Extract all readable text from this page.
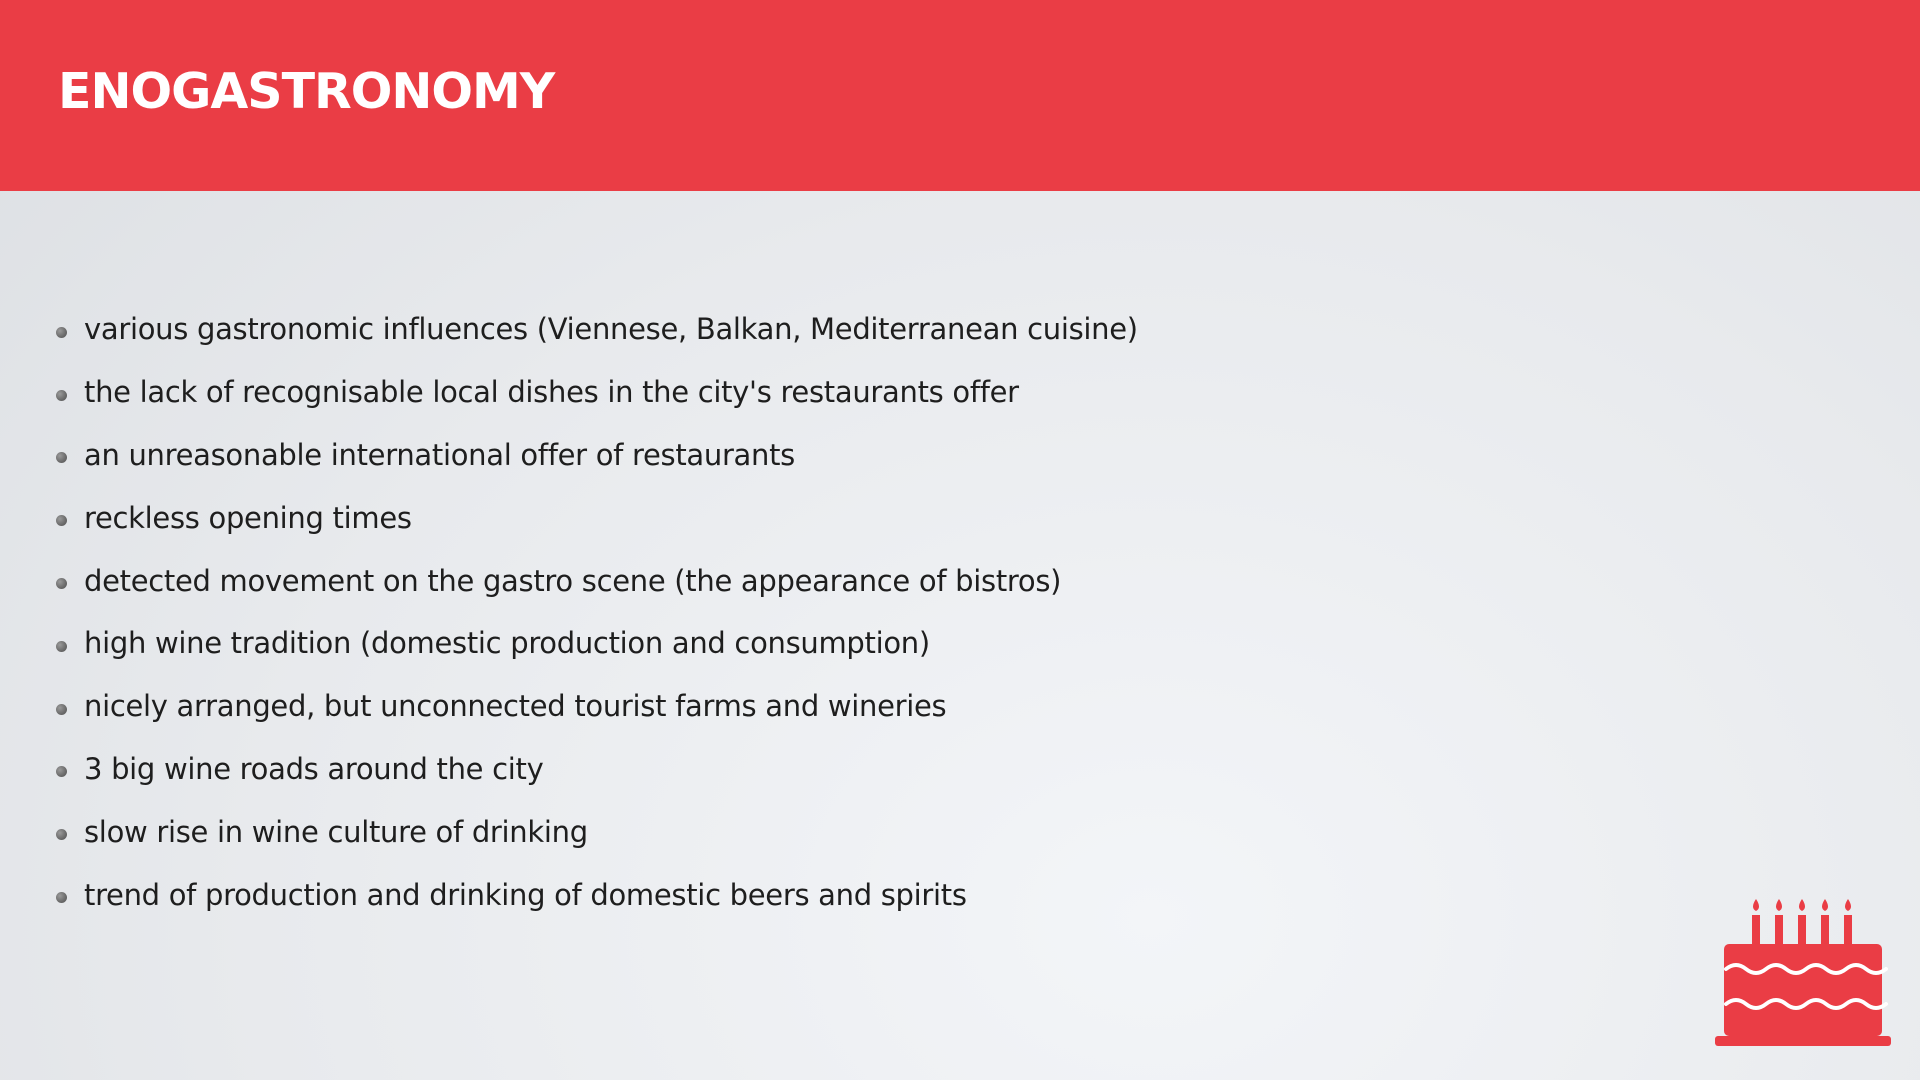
ENOGASTRONOMY
various gastronomic influences (Viennese, Balkan, Mediterranean cuisine)
the lack of recognisable local dishes in the city's restaurants offer
an unreasonable international offer of restaurants
reckless opening times
detected movement on the gastro scene (the appearance of bistros)
high wine tradition (domestic production and consumption)
nicely arranged, but unconnected tourist farms and wineries
3 big wine roads around the city
slow rise in wine culture of drinking
trend of production and drinking of domestic beers and spirits
